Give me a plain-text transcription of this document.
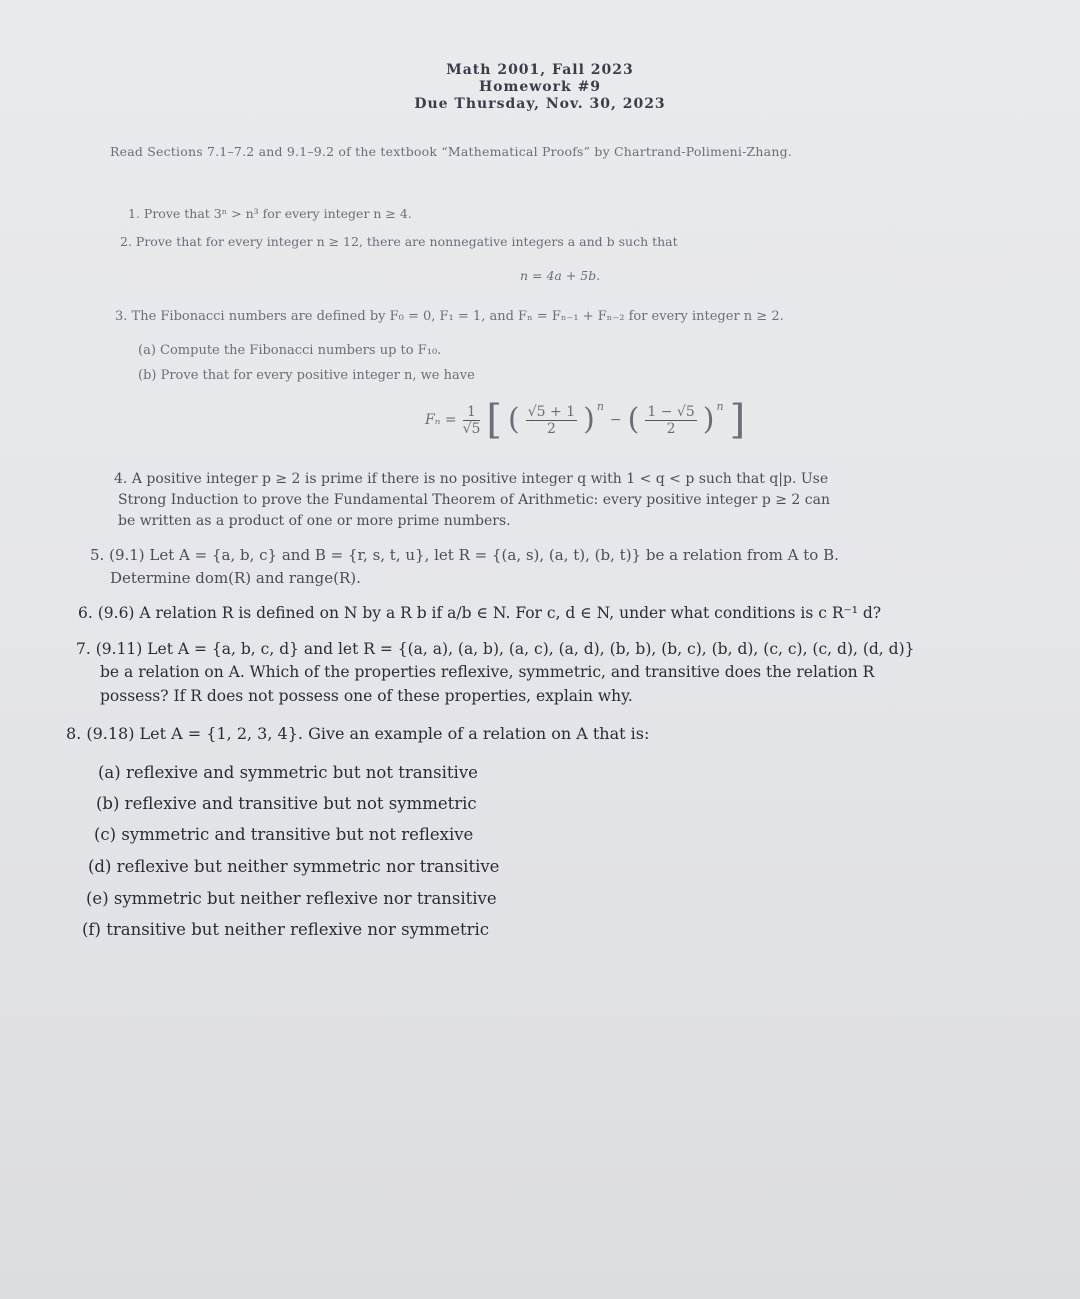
Math 2001, Fall 2023
Homework #9
Due Thursday, Nov. 30, 2023
Read Sections 7.1–7.2 and 9.1–9.2 of the textbook “Mathematical Proofs” by Chartrand-Polimeni-Zhang.
1. Prove that 3ⁿ > n³ for every integer n ≥ 4.
2. Prove that for every integer n ≥ 12, there are nonnegative integers a and b such that
n = 4a + 5b.
3. The Fibonacci numbers are defined by F₀ = 0, F₁ = 1, and Fₙ = Fₙ₋₁ + Fₙ₋₂ for every integer n ≥ 2.
(a) Compute the Fibonacci numbers up to F₁₀.
(b) Prove that for every positive integer n, we have
$F_n = \frac{1}{√5}$ [ ( $\frac{√5 + 1}{2} )^n$
− ( $\frac{1 - √5}{2} )^n$ ]
4. A positive integer p ≥ 2 is prime if there is no positive integer q with 1 < q < p such that q|p. Use
Strong Induction to prove the Fundamental Theorem of Arithmetic: every positive integer p ≥ 2 can
be written as a product of one or more prime numbers.
5. (9.1) Let A = {a, b, c} and B = {r, s, t, u}, let R = {(a, s), (a, t), (b, t)} be a relation from A to B.
Determine dom(R) and range(R).
6. (9.6) A relation R is defined on N by a R b if a/b ∈ N. For c, d ∈ N, under what conditions is c R⁻¹ d?
7. (9.11) Let A = {a, b, c, d} and let R = {(a, a), (a, b), (a, c), (a, d), (b, b), (b, c), (b, d), (c, c), (c, d), (d, d)}
be a relation on A. Which of the properties reflexive, symmetric, and transitive does the relation R
possess? If R does not possess one of these properties, explain why.
8. (9.18) Let A = {1, 2, 3, 4}. Give an example of a relation on A that is:
(a) reflexive and symmetric but not transitive
(b) reflexive and transitive but not symmetric
(c) symmetric and transitive but not reflexive
(d) reflexive but neither symmetric nor transitive
(e) symmetric but neither reflexive nor transitive
(f) transitive but neither reflexive nor symmetric
